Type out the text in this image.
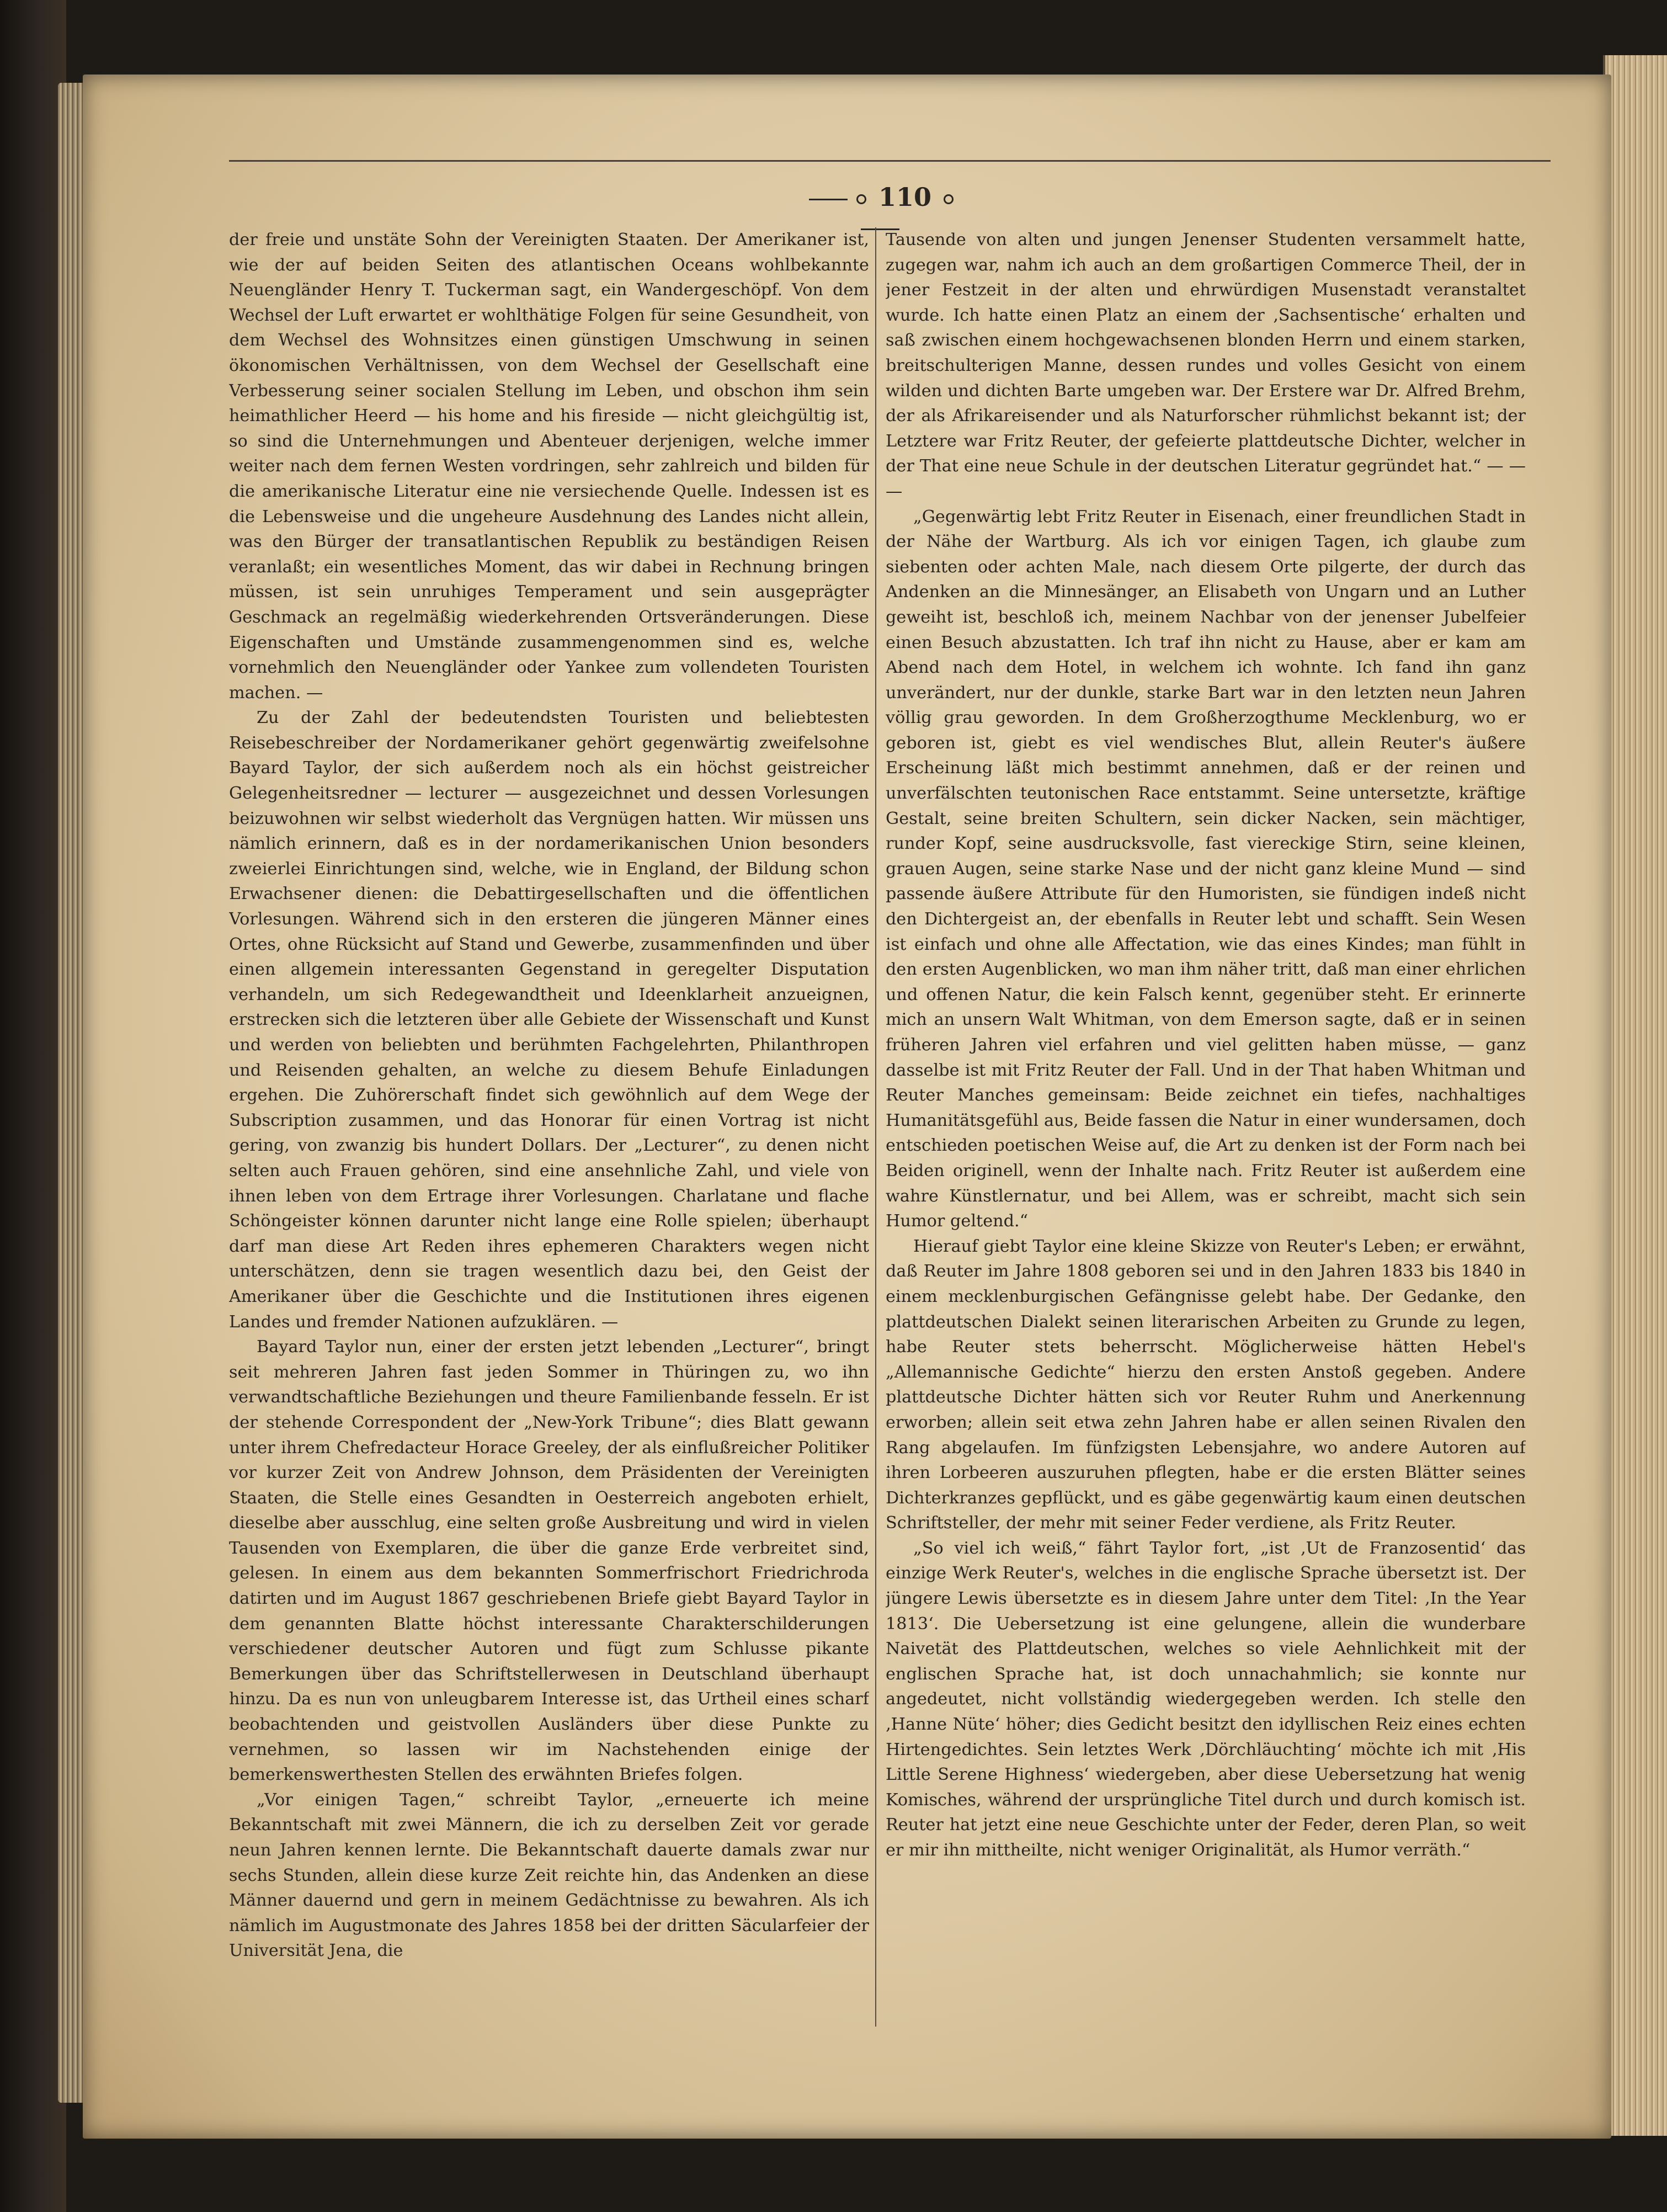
110

der freie und unstäte Sohn der Vereinigten Staaten. Der Amerikaner ist, wie der auf beiden Seiten des atlantischen Oceans wohlbekannte Neuengländer Henry T. Tuckerman sagt, ein Wandergeschöpf. Von dem Wechsel der Luft erwartet er wohlthätige Folgen für seine Gesundheit, von dem Wechsel des Wohnsitzes einen günstigen Umschwung in seinen ökonomischen Verhältnissen, von dem Wechsel der Gesellschaft eine Verbesserung seiner socialen Stellung im Leben, und obschon ihm sein heimathlicher Heerd — his home and his fireside — nicht gleichgültig ist, so sind die Unternehmungen und Abenteuer derjenigen, welche immer weiter nach dem fernen Westen vordringen, sehr zahlreich und bilden für die amerikanische Literatur eine nie versiechende Quelle. Indessen ist es die Lebensweise und die ungeheure Ausdehnung des Landes nicht allein, was den Bürger der transatlantischen Republik zu beständigen Reisen veranlaßt; ein wesentliches Moment, das wir dabei in Rechnung bringen müssen, ist sein unruhiges Temperament und sein ausgeprägter Geschmack an regelmäßig wiederkehrenden Ortsveränderungen. Diese Eigenschaften und Umstände zusammengenommen sind es, welche vornehmlich den Neuengländer oder Yankee zum vollendeten Touristen machen. —

Zu der Zahl der bedeutendsten Touristen und beliebtesten Reisebeschreiber der Nordamerikaner gehört gegenwärtig zweifelsohne Bayard Taylor, der sich außerdem noch als ein höchst geistreicher Gelegenheitsredner — lecturer — ausgezeichnet und dessen Vorlesungen beizuwohnen wir selbst wiederholt das Vergnügen hatten. Wir müssen uns nämlich erinnern, daß es in der nordamerikanischen Union besonders zweierlei Einrichtungen sind, welche, wie in England, der Bildung schon Erwachsener dienen: die Debattirgesellschaften und die öffentlichen Vorlesungen. Während sich in den ersteren die jüngeren Männer eines Ortes, ohne Rücksicht auf Stand und Gewerbe, zusammenfinden und über einen allgemein interessanten Gegenstand in geregelter Disputation verhandeln, um sich Redegewandtheit und Ideenklarheit anzueignen, erstrecken sich die letzteren über alle Gebiete der Wissenschaft und Kunst und werden von beliebten und berühmten Fachgelehrten, Philanthropen und Reisenden gehalten, an welche zu diesem Behufe Einladungen ergehen. Die Zuhörerschaft findet sich gewöhnlich auf dem Wege der Subscription zusammen, und das Honorar für einen Vortrag ist nicht gering, von zwanzig bis hundert Dollars. Der „Lecturer“, zu denen nicht selten auch Frauen gehören, sind eine ansehnliche Zahl, und viele von ihnen leben von dem Ertrage ihrer Vorlesungen. Charlatane und flache Schöngeister können darunter nicht lange eine Rolle spielen; überhaupt darf man diese Art Reden ihres ephemeren Charakters wegen nicht unterschätzen, denn sie tragen wesentlich dazu bei, den Geist der Amerikaner über die Geschichte und die Institutionen ihres eigenen Landes und fremder Nationen aufzuklären. —

Bayard Taylor nun, einer der ersten jetzt lebenden „Lecturer“, bringt seit mehreren Jahren fast jeden Sommer in Thüringen zu, wo ihn verwandtschaftliche Beziehungen und theure Familienbande fesseln. Er ist der stehende Correspondent der „New-York Tribune“; dies Blatt gewann unter ihrem Chefredacteur Horace Greeley, der als einflußreicher Politiker vor kurzer Zeit von Andrew Johnson, dem Präsidenten der Vereinigten Staaten, die Stelle eines Gesandten in Oesterreich angeboten erhielt, dieselbe aber ausschlug, eine selten große Ausbreitung und wird in vielen Tausenden von Exemplaren, die über die ganze Erde verbreitet sind, gelesen. In einem aus dem bekannten Sommerfrischort Friedrichroda datirten und im August 1867 geschriebenen Briefe giebt Bayard Taylor in dem genannten Blatte höchst interessante Charakterschilderungen verschiedener deutscher Autoren und fügt zum Schlusse pikante Bemerkungen über das Schriftstellerwesen in Deutschland überhaupt hinzu. Da es nun von unleugbarem Interesse ist, das Urtheil eines scharf beobachtenden und geistvollen Ausländers über diese Punkte zu vernehmen, so lassen wir im Nachstehenden einige der bemerkenswerthesten Stellen des erwähnten Briefes folgen.

„Vor einigen Tagen,“ schreibt Taylor, „erneuerte ich meine Bekanntschaft mit zwei Männern, die ich zu derselben Zeit vor gerade neun Jahren kennen lernte. Die Bekanntschaft dauerte damals zwar nur sechs Stunden, allein diese kurze Zeit reichte hin, das Andenken an diese Männer dauernd und gern in meinem Gedächtnisse zu bewahren. Als ich nämlich im Augustmonate des Jahres 1858 bei der dritten Säcularfeier der Universität Jena, die

Tausende von alten und jungen Jenenser Studenten versammelt hatte, zugegen war, nahm ich auch an dem großartigen Commerce Theil, der in jener Festzeit in der alten und ehrwürdigen Musenstadt veranstaltet wurde. Ich hatte einen Platz an einem der ‚Sachsentische‘ erhalten und saß zwischen einem hochgewachsenen blonden Herrn und einem starken, breitschulterigen Manne, dessen rundes und volles Gesicht von einem wilden und dichten Barte umgeben war. Der Erstere war Dr. Alfred Brehm, der als Afrikareisender und als Naturforscher rühmlichst bekannt ist; der Letztere war Fritz Reuter, der gefeierte plattdeutsche Dichter, welcher in der That eine neue Schule in der deutschen Literatur gegründet hat.“ — — —

„Gegenwärtig lebt Fritz Reuter in Eisenach, einer freundlichen Stadt in der Nähe der Wartburg. Als ich vor einigen Tagen, ich glaube zum siebenten oder achten Male, nach diesem Orte pilgerte, der durch das Andenken an die Minnesänger, an Elisabeth von Ungarn und an Luther geweiht ist, beschloß ich, meinem Nachbar von der jenenser Jubelfeier einen Besuch abzustatten. Ich traf ihn nicht zu Hause, aber er kam am Abend nach dem Hotel, in welchem ich wohnte. Ich fand ihn ganz unverändert, nur der dunkle, starke Bart war in den letzten neun Jahren völlig grau geworden. In dem Großherzogthume Mecklenburg, wo er geboren ist, giebt es viel wendisches Blut, allein Reuter's äußere Erscheinung läßt mich bestimmt annehmen, daß er der reinen und unverfälschten teutonischen Race entstammt. Seine untersetzte, kräftige Gestalt, seine breiten Schultern, sein dicker Nacken, sein mächtiger, runder Kopf, seine ausdrucksvolle, fast viereckige Stirn, seine kleinen, grauen Augen, seine starke Nase und der nicht ganz kleine Mund — sind passende äußere Attribute für den Humoristen, sie fündigen indeß nicht den Dichtergeist an, der ebenfalls in Reuter lebt und schafft. Sein Wesen ist einfach und ohne alle Affectation, wie das eines Kindes; man fühlt in den ersten Augenblicken, wo man ihm näher tritt, daß man einer ehrlichen und offenen Natur, die kein Falsch kennt, gegenüber steht. Er erinnerte mich an unsern Walt Whitman, von dem Emerson sagte, daß er in seinen früheren Jahren viel erfahren und viel gelitten haben müsse, — ganz dasselbe ist mit Fritz Reuter der Fall. Und in der That haben Whitman und Reuter Manches gemeinsam: Beide zeichnet ein tiefes, nachhaltiges Humanitätsgefühl aus, Beide fassen die Natur in einer wundersamen, doch entschieden poetischen Weise auf, die Art zu denken ist der Form nach bei Beiden originell, wenn der Inhalte nach. Fritz Reuter ist außerdem eine wahre Künstlernatur, und bei Allem, was er schreibt, macht sich sein Humor geltend.“

Hierauf giebt Taylor eine kleine Skizze von Reuter's Leben; er erwähnt, daß Reuter im Jahre 1808 geboren sei und in den Jahren 1833 bis 1840 in einem mecklenburgischen Gefängnisse gelebt habe. Der Gedanke, den plattdeutschen Dialekt seinen literarischen Arbeiten zu Grunde zu legen, habe Reuter stets beherrscht. Möglicherweise hätten Hebel's „Allemannische Gedichte“ hierzu den ersten Anstoß gegeben. Andere plattdeutsche Dichter hätten sich vor Reuter Ruhm und Anerkennung erworben; allein seit etwa zehn Jahren habe er allen seinen Rivalen den Rang abgelaufen. Im fünfzigsten Lebensjahre, wo andere Autoren auf ihren Lorbeeren auszuruhen pflegten, habe er die ersten Blätter seines Dichterkranzes gepflückt, und es gäbe gegenwärtig kaum einen deutschen Schriftsteller, der mehr mit seiner Feder verdiene, als Fritz Reuter.

„So viel ich weiß,“ fährt Taylor fort, „ist ‚Ut de Franzosentid‘ das einzige Werk Reuter's, welches in die englische Sprache übersetzt ist. Der jüngere Lewis übersetzte es in diesem Jahre unter dem Titel: ‚In the Year 1813‘. Die Uebersetzung ist eine gelungene, allein die wunderbare Naivetät des Plattdeutschen, welches so viele Aehnlichkeit mit der englischen Sprache hat, ist doch unnachahmlich; sie konnte nur angedeutet, nicht vollständig wiedergegeben werden. Ich stelle den ‚Hanne Nüte‘ höher; dies Gedicht besitzt den idyllischen Reiz eines echten Hirtengedichtes. Sein letztes Werk ‚Dörchläuchting‘ möchte ich mit ‚His Little Serene Highness‘ wiedergeben, aber diese Uebersetzung hat wenig Komisches, während der ursprüngliche Titel durch und durch komisch ist. Reuter hat jetzt eine neue Geschichte unter der Feder, deren Plan, so weit er mir ihn mittheilte, nicht weniger Originalität, als Humor verräth.“
